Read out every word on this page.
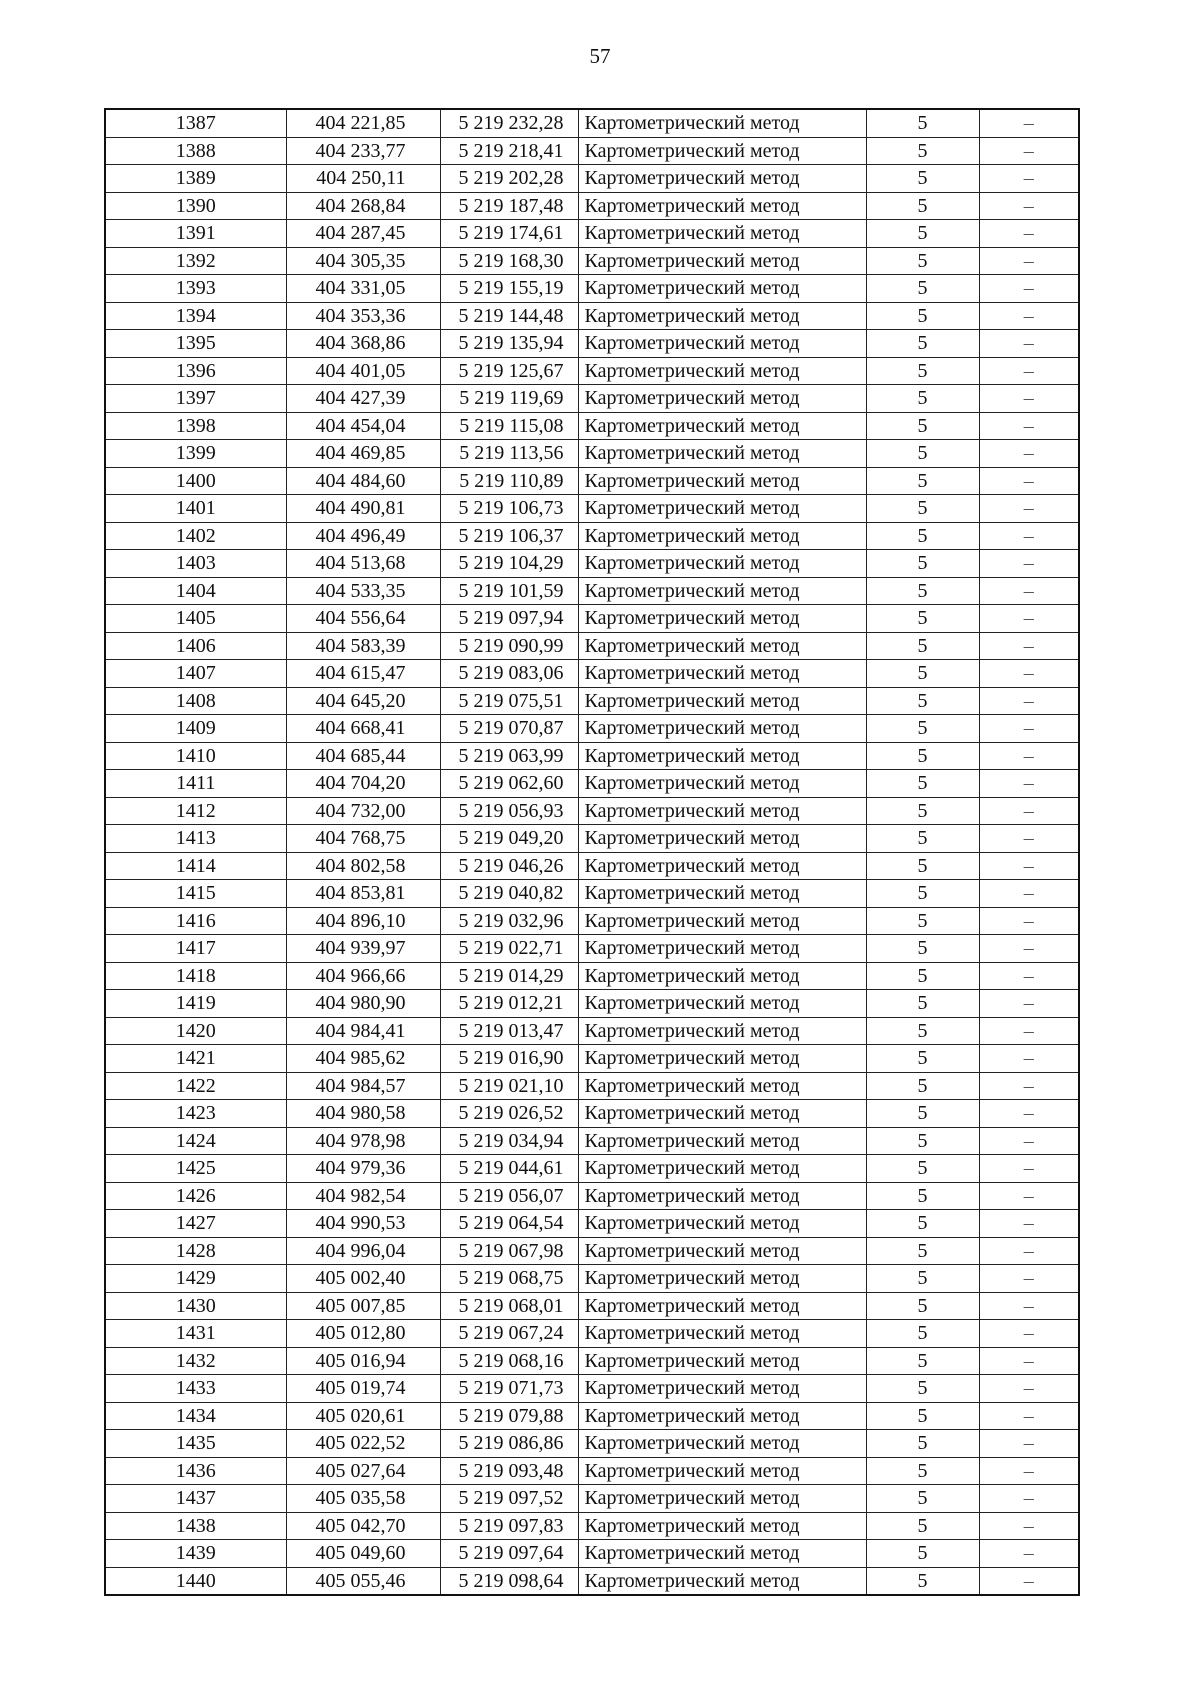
57
1387	404 221,85	5 219 232,28	Картометрический метод	5	–
1388	404 233,77	5 219 218,41	Картометрический метод	5	–
1389	404 250,11	5 219 202,28	Картометрический метод	5	–
1390	404 268,84	5 219 187,48	Картометрический метод	5	–
1391	404 287,45	5 219 174,61	Картометрический метод	5	–
1392	404 305,35	5 219 168,30	Картометрический метод	5	–
1393	404 331,05	5 219 155,19	Картометрический метод	5	–
1394	404 353,36	5 219 144,48	Картометрический метод	5	–
1395	404 368,86	5 219 135,94	Картометрический метод	5	–
1396	404 401,05	5 219 125,67	Картометрический метод	5	–
1397	404 427,39	5 219 119,69	Картометрический метод	5	–
1398	404 454,04	5 219 115,08	Картометрический метод	5	–
1399	404 469,85	5 219 113,56	Картометрический метод	5	–
1400	404 484,60	5 219 110,89	Картометрический метод	5	–
1401	404 490,81	5 219 106,73	Картометрический метод	5	–
1402	404 496,49	5 219 106,37	Картометрический метод	5	–
1403	404 513,68	5 219 104,29	Картометрический метод	5	–
1404	404 533,35	5 219 101,59	Картометрический метод	5	–
1405	404 556,64	5 219 097,94	Картометрический метод	5	–
1406	404 583,39	5 219 090,99	Картометрический метод	5	–
1407	404 615,47	5 219 083,06	Картометрический метод	5	–
1408	404 645,20	5 219 075,51	Картометрический метод	5	–
1409	404 668,41	5 219 070,87	Картометрический метод	5	–
1410	404 685,44	5 219 063,99	Картометрический метод	5	–
1411	404 704,20	5 219 062,60	Картометрический метод	5	–
1412	404 732,00	5 219 056,93	Картометрический метод	5	–
1413	404 768,75	5 219 049,20	Картометрический метод	5	–
1414	404 802,58	5 219 046,26	Картометрический метод	5	–
1415	404 853,81	5 219 040,82	Картометрический метод	5	–
1416	404 896,10	5 219 032,96	Картометрический метод	5	–
1417	404 939,97	5 219 022,71	Картометрический метод	5	–
1418	404 966,66	5 219 014,29	Картометрический метод	5	–
1419	404 980,90	5 219 012,21	Картометрический метод	5	–
1420	404 984,41	5 219 013,47	Картометрический метод	5	–
1421	404 985,62	5 219 016,90	Картометрический метод	5	–
1422	404 984,57	5 219 021,10	Картометрический метод	5	–
1423	404 980,58	5 219 026,52	Картометрический метод	5	–
1424	404 978,98	5 219 034,94	Картометрический метод	5	–
1425	404 979,36	5 219 044,61	Картометрический метод	5	–
1426	404 982,54	5 219 056,07	Картометрический метод	5	–
1427	404 990,53	5 219 064,54	Картометрический метод	5	–
1428	404 996,04	5 219 067,98	Картометрический метод	5	–
1429	405 002,40	5 219 068,75	Картометрический метод	5	–
1430	405 007,85	5 219 068,01	Картометрический метод	5	–
1431	405 012,80	5 219 067,24	Картометрический метод	5	–
1432	405 016,94	5 219 068,16	Картометрический метод	5	–
1433	405 019,74	5 219 071,73	Картометрический метод	5	–
1434	405 020,61	5 219 079,88	Картометрический метод	5	–
1435	405 022,52	5 219 086,86	Картометрический метод	5	–
1436	405 027,64	5 219 093,48	Картометрический метод	5	–
1437	405 035,58	5 219 097,52	Картометрический метод	5	–
1438	405 042,70	5 219 097,83	Картометрический метод	5	–
1439	405 049,60	5 219 097,64	Картометрический метод	5	–
1440	405 055,46	5 219 098,64	Картометрический метод	5	–
